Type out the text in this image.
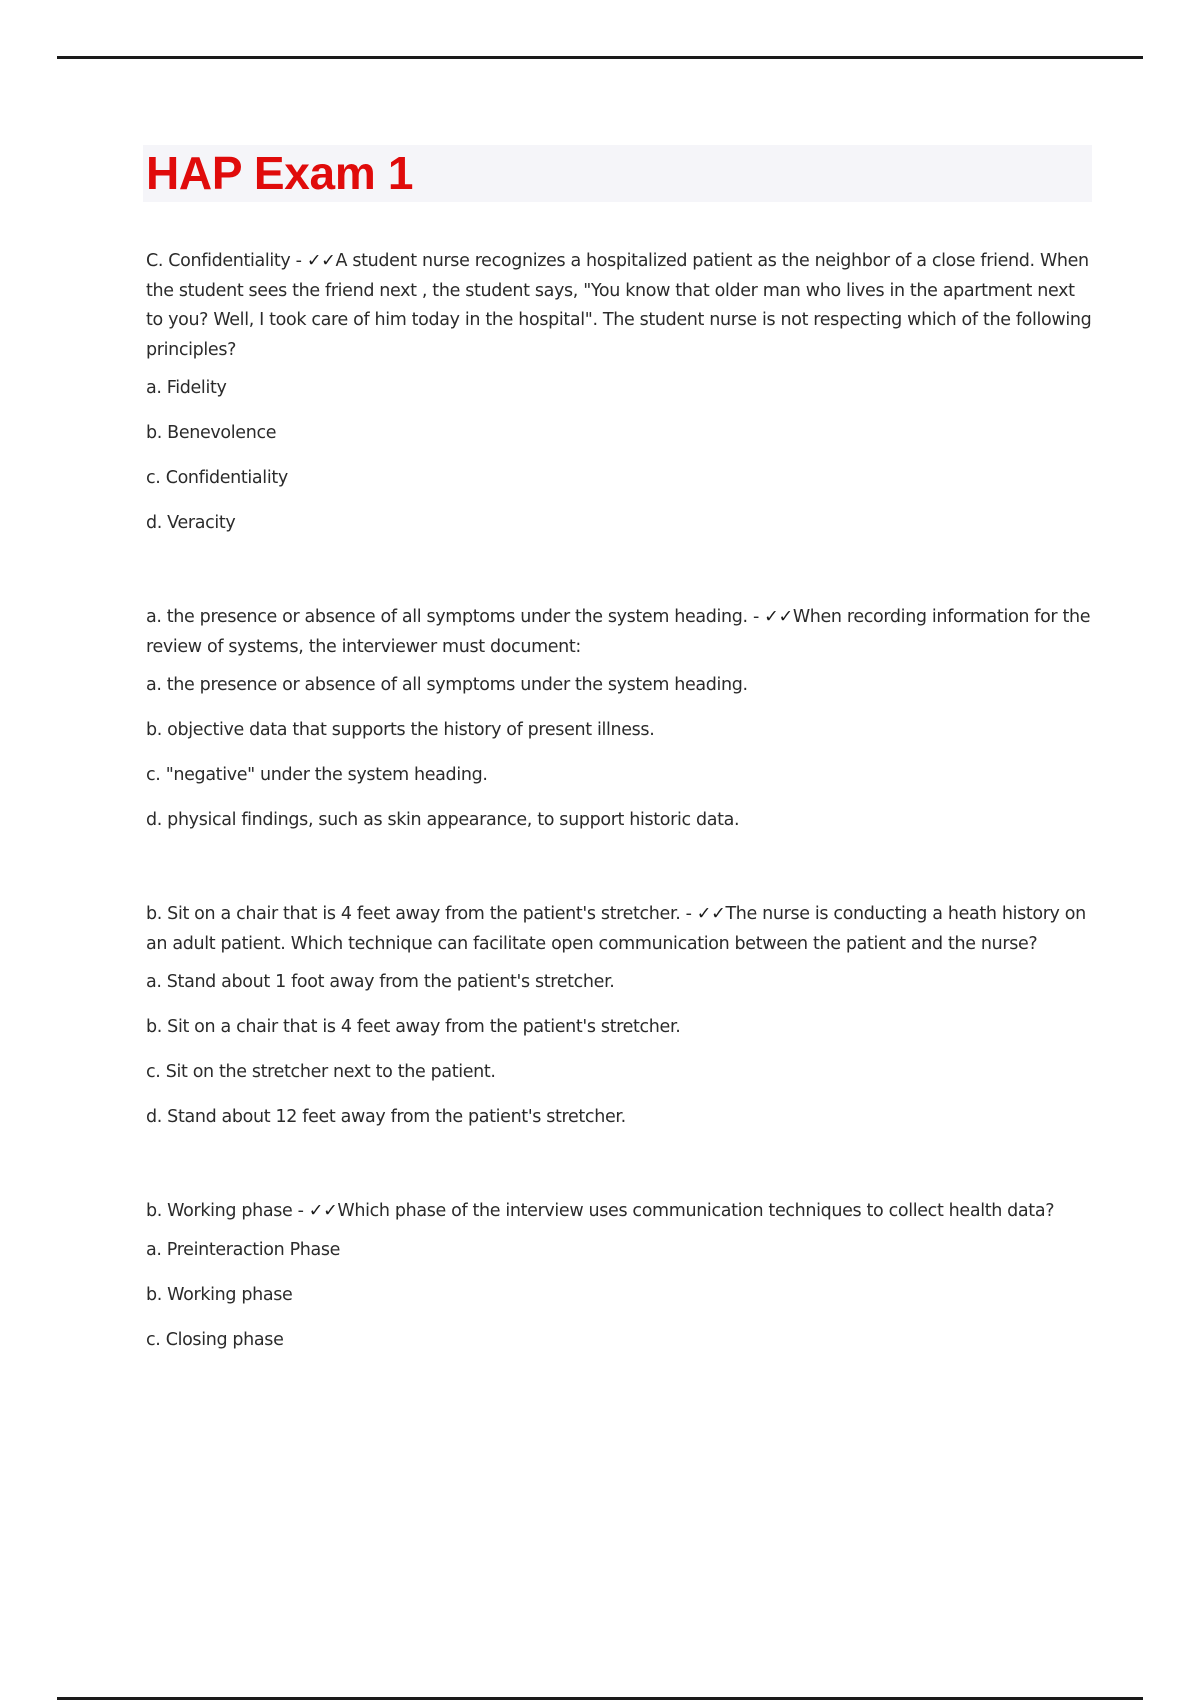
HAP Exam 1

C. Confidentiality - ✓✓A student nurse recognizes a hospitalized patient as the neighbor of a close friend. When the student sees the friend next , the student says, "You know that older man who lives in the apartment next to you? Well, I took care of him today in the hospital". The student nurse is not respecting which of the following principles?

a. Fidelity

b. Benevolence

c. Confidentiality

d. Veracity

a. the presence or absence of all symptoms under the system heading. - ✓✓When recording information for the review of systems, the interviewer must document:

a. the presence or absence of all symptoms under the system heading.

b. objective data that supports the history of present illness.

c. "negative" under the system heading.

d. physical findings, such as skin appearance, to support historic data.

b. Sit on a chair that is 4 feet away from the patient's stretcher. - ✓✓The nurse is conducting a heath history on an adult patient. Which technique can facilitate open communication between the patient and the nurse?

a. Stand about 1 foot away from the patient's stretcher.

b. Sit on a chair that is 4 feet away from the patient's stretcher.

c. Sit on the stretcher next to the patient.

d. Stand about 12 feet away from the patient's stretcher.

b. Working phase - ✓✓Which phase of the interview uses communication techniques to collect health data?

a. Preinteraction Phase

b. Working phase

c. Closing phase
